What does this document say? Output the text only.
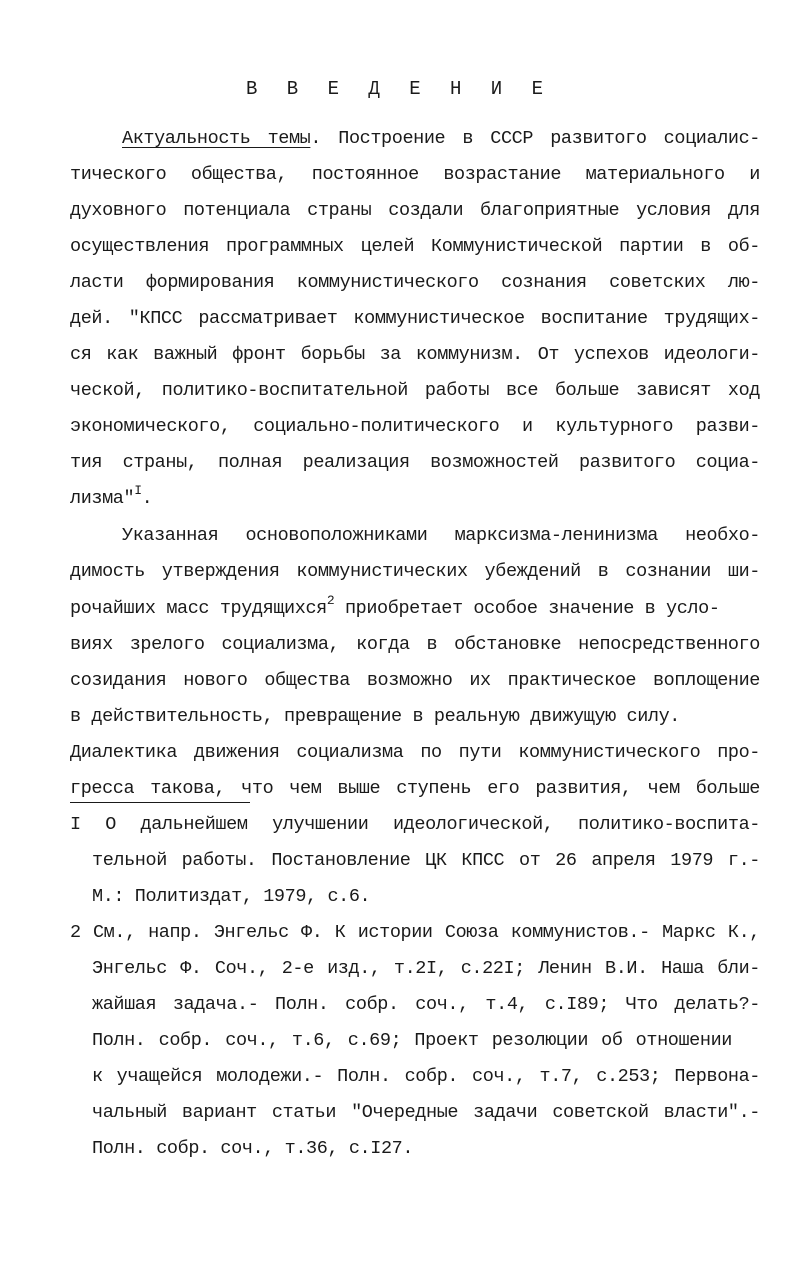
В В Е Д Е Н И Е
Актуальность темы. Построение в СССР развитого социалис-
тического общества, постоянное возрастание материального и
духовного потенциала страны создали благоприятные условия для
осуществления программных целей Коммунистической партии в об-
ласти формирования коммунистического сознания советских лю-
дей. "КПСС рассматривает коммунистическое воспитание трудящих-
ся как важный фронт борьбы за коммунизм. От успехов идеологи-
ческой, политико-воспитательной работы все больше зависят ход
экономического, социально-политического и культурного разви-
тия страны, полная реализация возможностей развитого социа-
лизма"$^I$.
Указанная основоположниками марксизма-ленинизма необхо-
димость утверждения коммунистических убеждений в сознании ши-
рочайших масс трудящихся$^2$ приобретает особое значение в усло-
виях зрелого социализма, когда в обстановке непосредственного
созидания нового общества возможно их практическое воплощение
в действительность, превращение в реальную движущую силу.
Диалектика движения социализма по пути коммунистического про-
гресса такова, что чем выше ступень его развития, чем больше
I О дальнейшем улучшении идеологической, политико-воспита-
тельной работы. Постановление ЦК КПСС от 26 апреля 1979 г.-
М.: Политиздат, 1979, с.6.
2 См., напр. Энгельс Ф. К истории Союза коммунистов.- Маркс К.,
Энгельс Ф. Соч., 2-е изд., т.2I, с.22I; Ленин В.И. Наша бли-
жайшая задача.- Полн. собр. соч., т.4, с.I89; Что делать?-
Полн. собр. соч., т.6, с.69; Проект резолюции об отношении
к учащейся молодежи.- Полн. собр. соч., т.7, с.253; Первона-
чальный вариант статьи "Очередные задачи советской власти".-
Полн. собр. соч., т.36, с.I27.
